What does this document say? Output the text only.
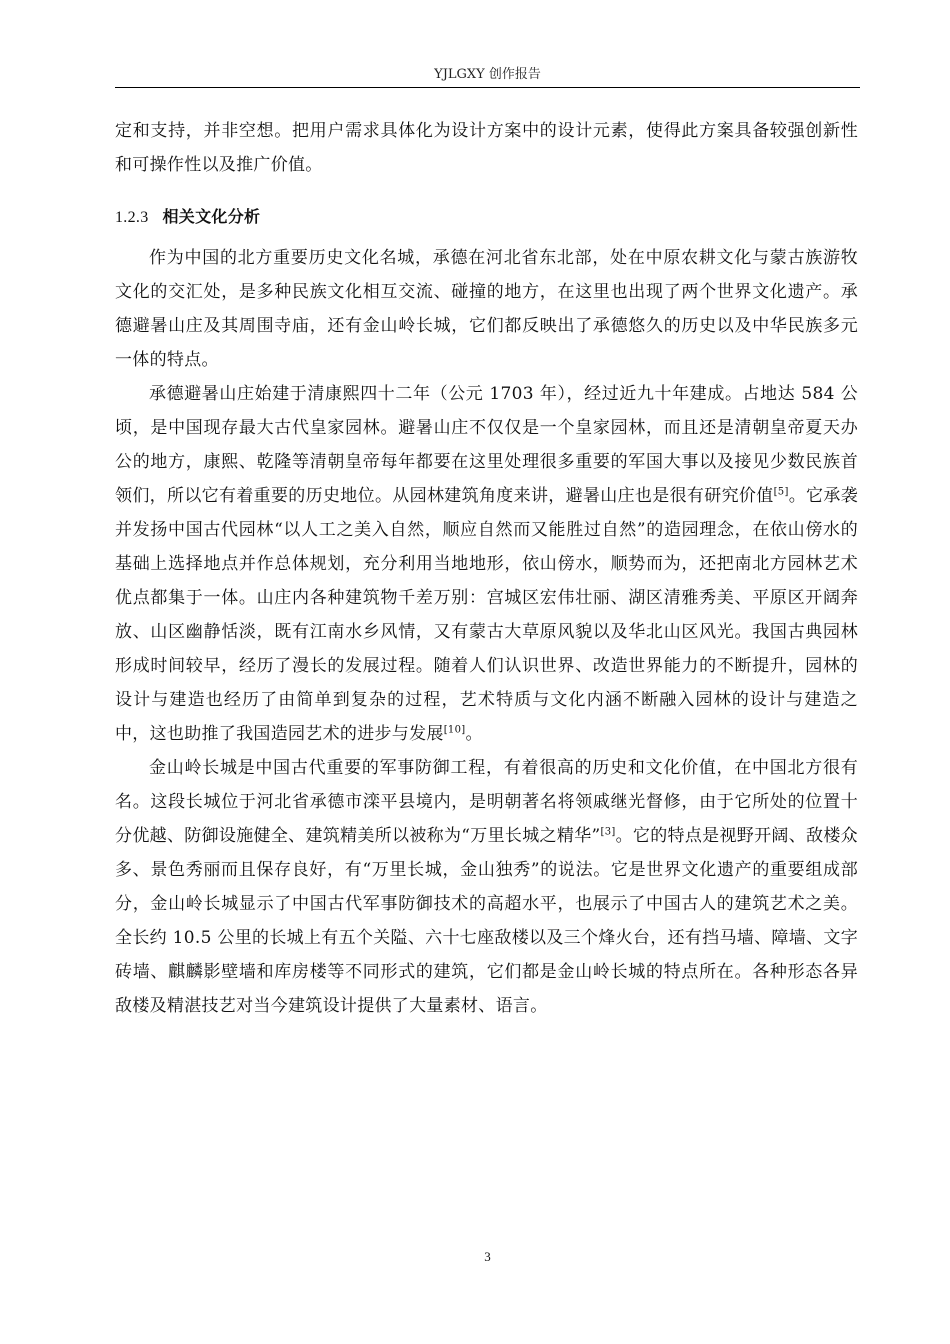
YJLGXY 创作报告

定和支持，并非空想。把用户需求具体化为设计方案中的设计元素，使得此方案具备较强创新性和可操作性以及推广价值。

1.2.3 相关文化分析

作为中国的北方重要历史文化名城，承德在河北省东北部，处在中原农耕文化与蒙古族游牧文化的交汇处，是多种民族文化相互交流、碰撞的地方，在这里也出现了两个世界文化遗产。承德避暑山庄及其周围寺庙，还有金山岭长城，它们都反映出了承德悠久的历史以及中华民族多元一体的特点。

承德避暑山庄始建于清康熙四十二年（公元 1703 年），经过近九十年建成。占地达 584 公顷，是中国现存最大古代皇家园林。避暑山庄不仅仅是一个皇家园林，而且还是清朝皇帝夏天办公的地方，康熙、乾隆等清朝皇帝每年都要在这里处理很多重要的军国大事以及接见少数民族首领们，所以它有着重要的历史地位。从园林建筑角度来讲，避暑山庄也是很有研究价值[5]。它承袭并发扬中国古代园林“以人工之美入自然，顺应自然而又能胜过自然”的造园理念，在依山傍水的基础上选择地点并作总体规划，充分利用当地地形，依山傍水，顺势而为，还把南北方园林艺术优点都集于一体。山庄内各种建筑物千差万别：宫城区宏伟壮丽、湖区清雅秀美、平原区开阔奔放、山区幽静恬淡，既有江南水乡风情，又有蒙古大草原风貌以及华北山区风光。我国古典园林形成时间较早，经历了漫长的发展过程。随着人们认识世界、改造世界能力的不断提升，园林的设计与建造也经历了由简单到复杂的过程，艺术特质与文化内涵不断融入园林的设计与建造之中，这也助推了我国造园艺术的进步与发展[10]。

金山岭长城是中国古代重要的军事防御工程，有着很高的历史和文化价值，在中国北方很有名。这段长城位于河北省承德市滦平县境内，是明朝著名将领戚继光督修，由于它所处的位置十分优越、防御设施健全、建筑精美所以被称为“万里长城之精华”[3]。它的特点是视野开阔、敌楼众多、景色秀丽而且保存良好，有“万里长城，金山独秀”的说法。它是世界文化遗产的重要组成部分，金山岭长城显示了中国古代军事防御技术的高超水平，也展示了中国古人的建筑艺术之美。全长约 10.5 公里的长城上有五个关隘、六十七座敌楼以及三个烽火台，还有挡马墙、障墙、文字砖墙、麒麟影壁墙和库房楼等不同形式的建筑，它们都是金山岭长城的特点所在。各种形态各异敌楼及精湛技艺对当今建筑设计提供了大量素材、语言。

3
